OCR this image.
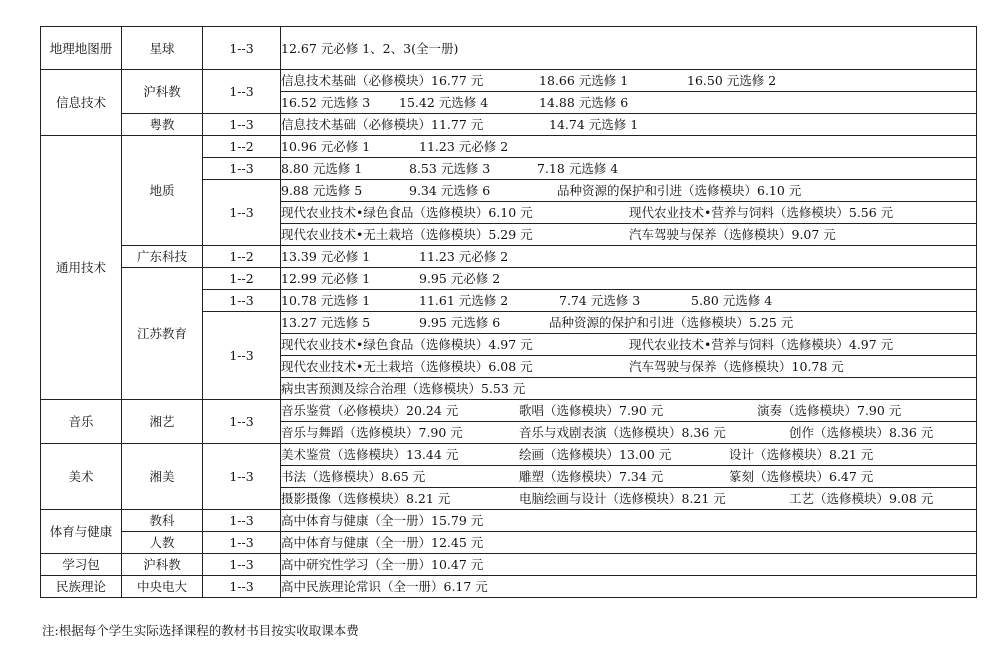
地理地图册	星球	1--3	12.67 元必修 1、2、3(全一册)
信息技术	沪科教	1--3	信息技术基础（必修模块）16.77 元 18.66 元选修 1 16.50 元选修 2
			16.52 元选修 3 15.42 元选修 4 14.88 元选修 6
	粤教	1--3	信息技术基础（必修模块）11.77 元 14.74 元选修 1
通用技术	地质	1--2	10.96 元必修 1 11.23 元必修 2
		1--3	8.80 元选修 1 8.53 元选修 3 7.18 元选修 4
		1--3	9.88 元选修 5 9.34 元选修 6 品种资源的保护和引进（选修模块）6.10 元
			现代农业技术•绿色食品（选修模块）6.10 元 现代农业技术•营养与饲料（选修模块）5.56 元
			现代农业技术•无土栽培（选修模块）5.29 元 汽车驾驶与保养（选修模块）9.07 元
	广东科技	1--2	13.39 元必修 1 11.23 元必修 2
	江苏教育	1--2	12.99 元必修 1 9.95 元必修 2
		1--3	10.78 元选修 1 11.61 元选修 2 7.74 元选修 3 5.80 元选修 4
		1--3	13.27 元选修 5 9.95 元选修 6 品种资源的保护和引进（选修模块）5.25 元
			现代农业技术•绿色食品（选修模块）4.97 元 现代农业技术•营养与饲料（选修模块）4.97 元
			现代农业技术•无土栽培（选修模块）6.08 元 汽车驾驶与保养（选修模块）10.78 元
			病虫害预测及综合治理（选修模块）5.53 元
音乐	湘艺	1--3	音乐鉴赏（必修模块）20.24 元 歌唱（选修模块）7.90 元 演奏（选修模块）7.90 元
			音乐与舞蹈（选修模块）7.90 元 音乐与戏剧表演（选修模块）8.36 元 创作（选修模块）8.36 元
美术	湘美	1--3	美术鉴赏（选修模块）13.44 元 绘画（选修模块）13.00 元 设计（选修模块）8.21 元
			书法（选修模块）8.65 元 雕塑（选修模块）7.34 元 篆刻（选修模块）6.47 元
			摄影摄像（选修模块）8.21 元 电脑绘画与设计（选修模块）8.21 元 工艺（选修模块）9.08 元
体育与健康	教科	1--3	高中体育与健康（全一册）15.79 元
	人教	1--3	高中体育与健康（全一册）12.45 元
学习包	沪科教	1--3	高中研究性学习（全一册）10.47 元
民族理论	中央电大	1--3	高中民族理论常识（全一册）6.17 元
注:根据每个学生实际选择课程的教材书目按实收取课本费
